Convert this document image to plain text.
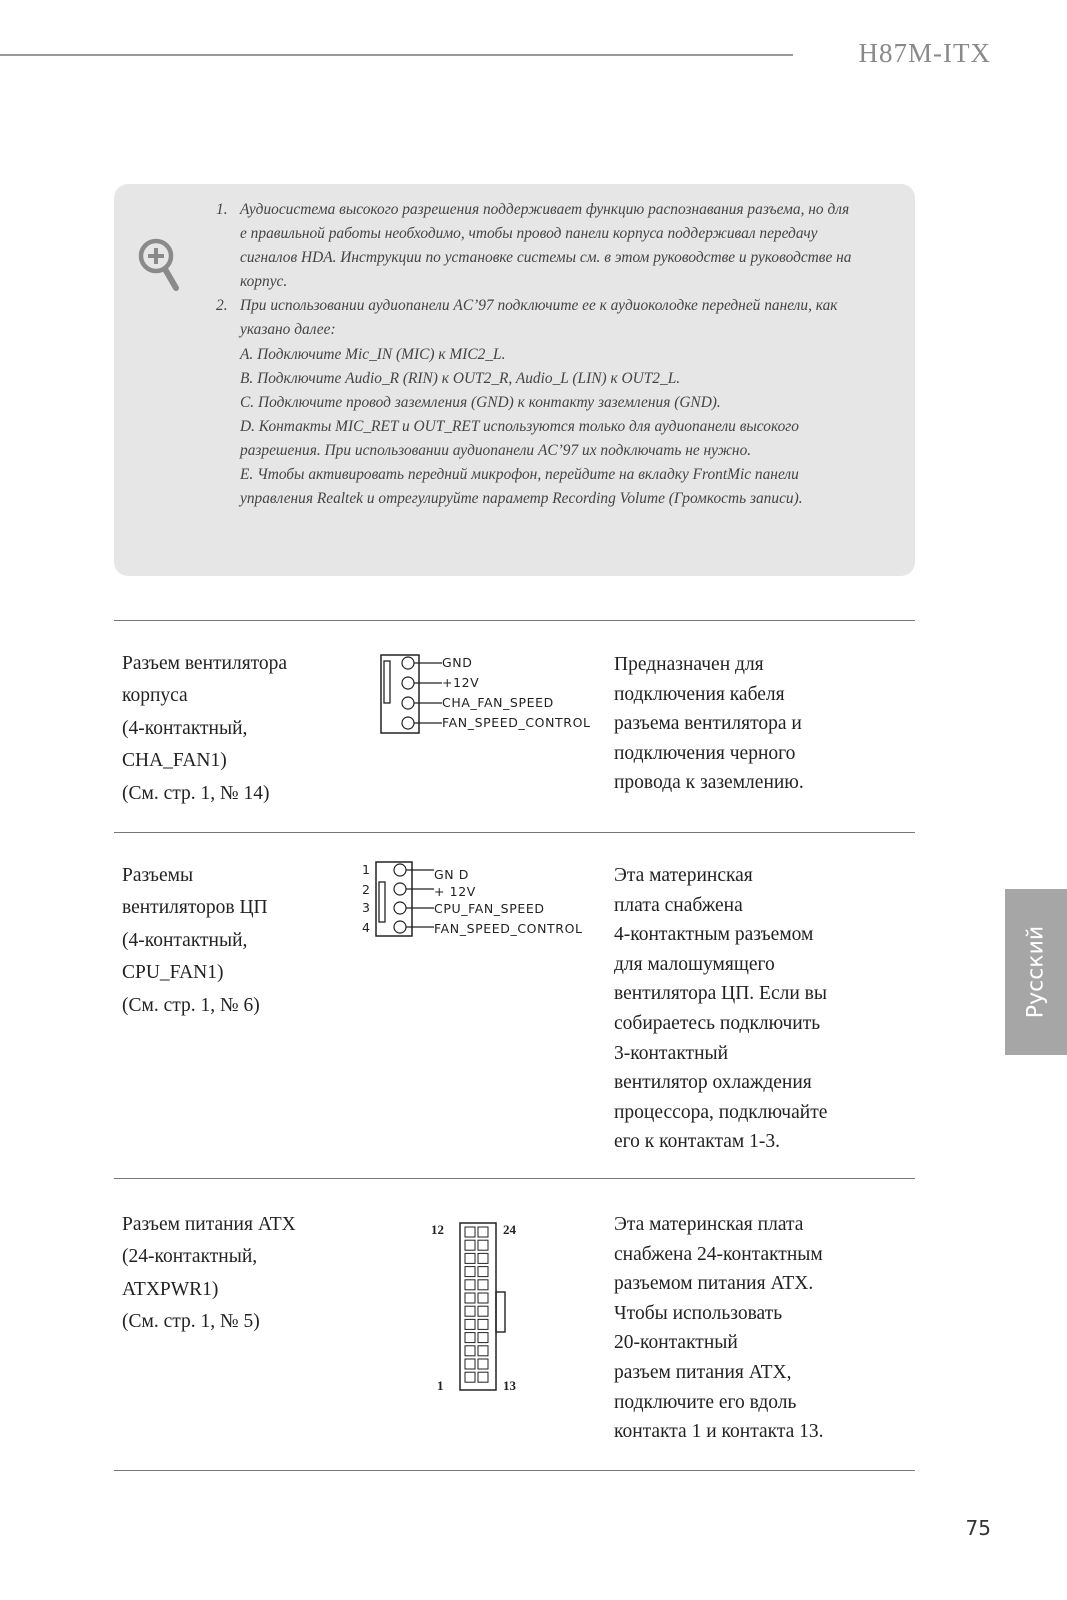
H87M-ITX
1. Аудиосистема высокого разрешения поддерживает функцию распознавания разъема, но для е правильной работы необходимо, чтобы провод панели корпуса поддерживал передачу сигналов HDA. Инструкции по установке системы см. в этом руководстве и руководстве на корпус.
2. При использовании аудиопанели AC’97 подключите ее к аудиоколодке передней панели, как указано далее:
A. Подключите Mic_IN (MIC) к MIC2_L.
B. Подключите Audio_R (RIN) к OUT2_R, Audio_L (LIN) к OUT2_L.
C. Подключите провод заземления (GND) к контакту заземления (GND).
D. Контакты MIC_RET и OUT_RET используются только для аудиопанели высокого разрешения. При использовании аудиопанели AC’97 их подключать не нужно.
E. Чтобы активировать передний микрофон, перейдите на вкладку FrontMic панели управления Realtek и отрегулируйте параметр Recording Volume (Громкость записи).
Разъем вентилятора
корпуса
(4-контактный,
CHA_FAN1)
(См. стр. 1, № 14)
GND
+12V
CHA_FAN_SPEED
FAN_SPEED_CONTROL
Предназначен для
подключения кабеля
разъема вентилятора и
подключения черного
провода к заземлению.
Разъемы
вентиляторов ЦП
(4-контактный,
CPU_FAN1)
(См. стр. 1, № 6)
1
2
3
4
GN D
+ 12V
CPU_FAN_SPEED
FAN_SPEED_CONTROL
Эта материнская
плата снабжена
4-контактным разъемом
для малошумящего
вентилятора ЦП. Если вы
собираетесь подключить
3-контактный
вентилятор охлаждения
процессора, подключайте
его к контактам 1-3.
Разъем питания ATX
(24-контактный,
ATXPWR1)
(См. стр. 1, № 5)
12	24
1	13
Эта материнская плата
снабжена 24-контактным
разъемом питания ATX.
Чтобы использовать
20-контактный
разъем питания ATX,
подключите его вдоль
контакта 1 и контакта 13.
Русский
75
